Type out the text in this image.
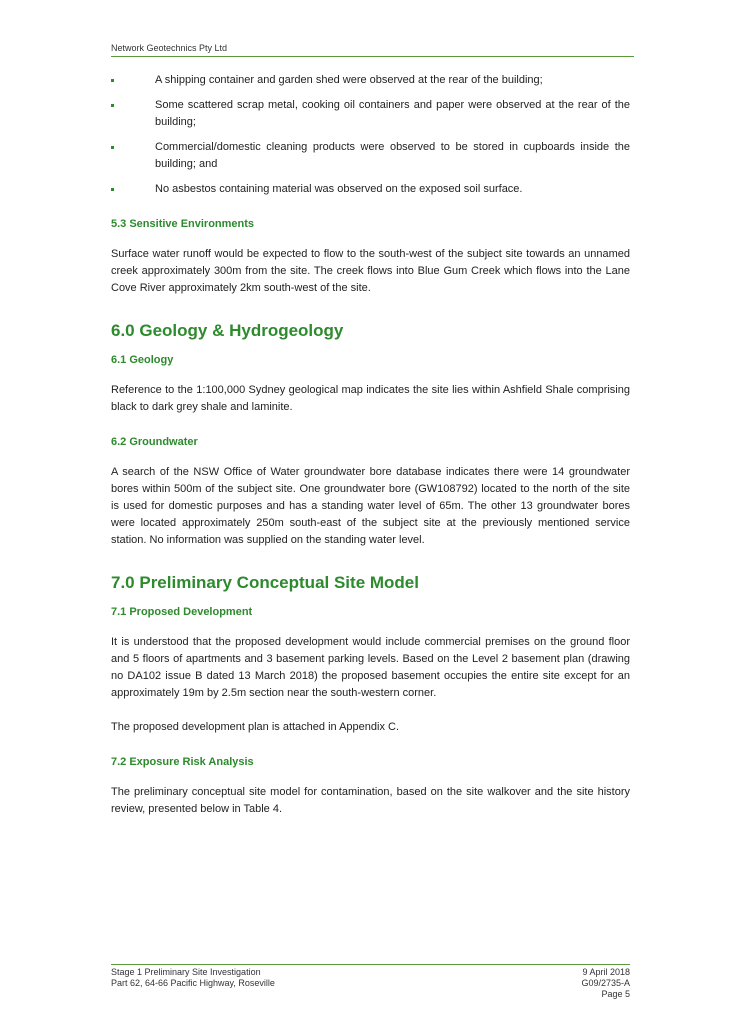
Network Geotechnics Pty Ltd
A shipping container and garden shed were observed at the rear of the building;
Some scattered scrap metal, cooking oil containers and paper were observed at the rear of the building;
Commercial/domestic cleaning products were observed to be stored in cupboards inside the building; and
No asbestos containing material was observed on the exposed soil surface.
5.3 Sensitive Environments

Surface water runoff would be expected to flow to the south-west of the subject site towards an unnamed creek approximately 300m from the site. The creek flows into Blue Gum Creek which flows into the Lane Cove River approximately 2km south-west of the site.

6.0 Geology & Hydrogeology
6.1 Geology

Reference to the 1:100,000 Sydney geological map indicates the site lies within Ashfield Shale comprising black to dark grey shale and laminite.

6.2 Groundwater

A search of the NSW Office of Water groundwater bore database indicates there were 14 groundwater bores within 500m of the subject site. One groundwater bore (GW108792) located to the north of the site is used for domestic purposes and has a standing water level of 65m. The other 13 groundwater bores were located approximately 250m south-east of the subject site at the previously mentioned service station. No information was supplied on the standing water level.

7.0 Preliminary Conceptual Site Model
7.1 Proposed Development

It is understood that the proposed development would include commercial premises on the ground floor and 5 floors of apartments and 3 basement parking levels. Based on the Level 2 basement plan (drawing no DA102 issue B dated 13 March 2018) the proposed basement occupies the entire site except for an approximately 19m by 2.5m section near the south-western corner.

The proposed development plan is attached in Appendix C.

7.2 Exposure Risk Analysis

The preliminary conceptual site model for contamination, based on the site walkover and the site history review, presented below in Table 4.

Stage 1 Preliminary Site Investigation
Part 62, 64-66 Pacific Highway, Roseville
9 April 2018
G09/2735-A
Page 5
